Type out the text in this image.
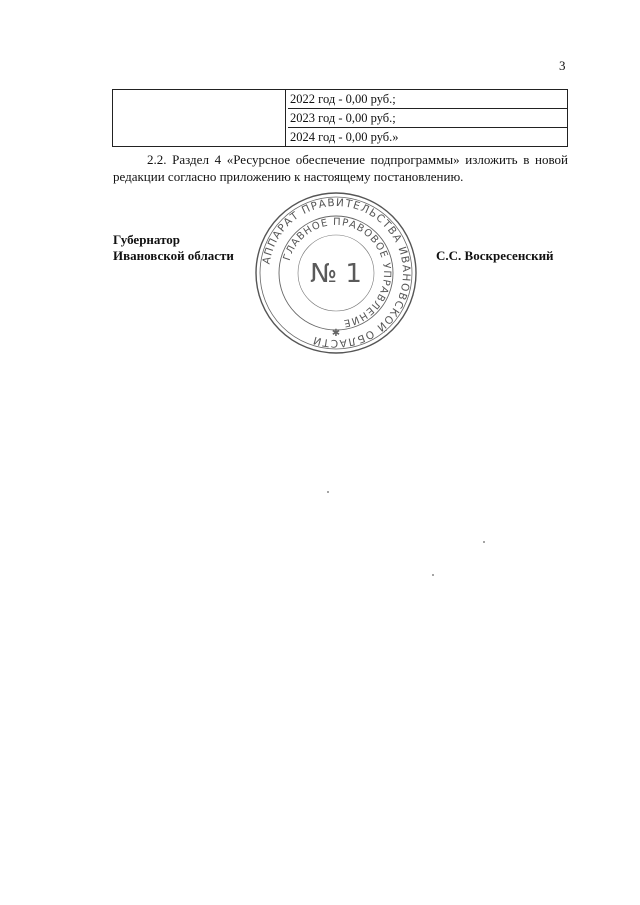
3

2022 год - 0,00 руб.;
2023 год - 0,00 руб.;
2024 год - 0,00 руб.»
2.2. Раздел 4 «Ресурсное обеспечение подпрограммы» изложить в новой редакции согласно приложению к настоящему постановлению.
Губернатор
Ивановской области	С.С. Воскресенский
АППАРАТ ПРАВИТЕЛЬСТВА ИВАНОВСКОЙ ОБЛАСТИ
ГЛАВНОЕ ПРАВОВОЕ УПРАВЛЕНИЕ
№ 1
✱
